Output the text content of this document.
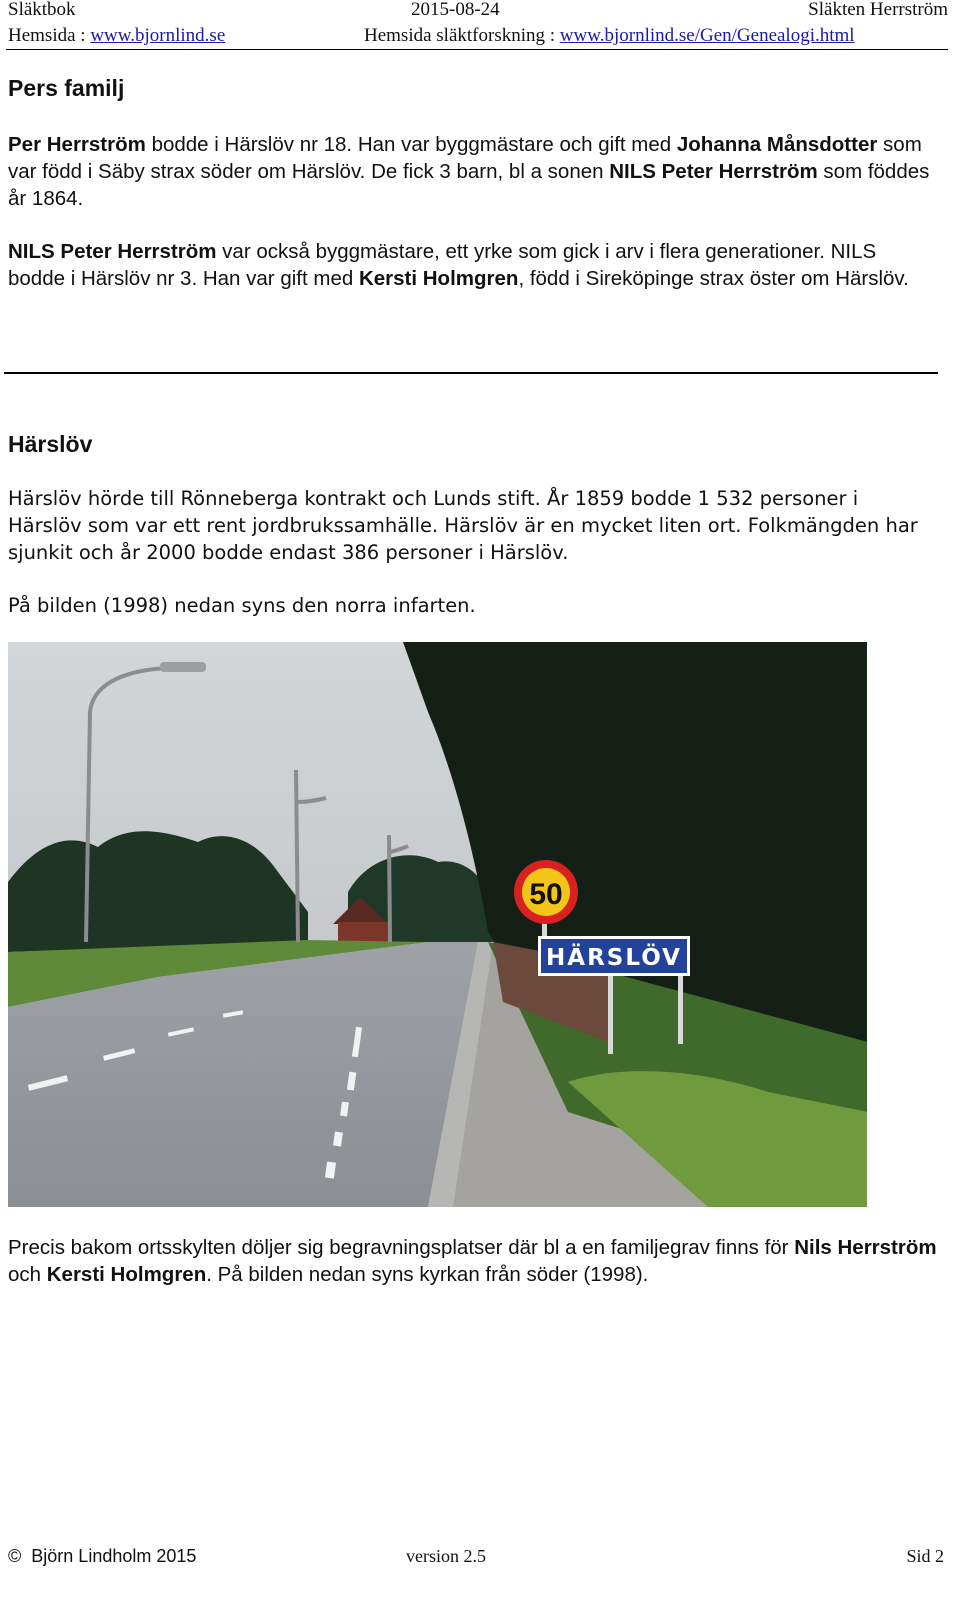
Släktbok	2015-08-24	Släkten Herrström
Hemsida : www.bjornlind.se	Hemsida släktforskning : www.bjornlind.se/Gen/Genealogi.html
Pers familj

Per Herrström bodde i Härslöv nr 18. Han var byggmästare och gift med Johanna Månsdotter som var född i Säby strax söder om Härslöv. De fick 3 barn, bl a sonen NILS Peter Herrström som föddes år 1864.

NILS Peter Herrström var också byggmästare, ett yrke som gick i arv i flera generationer. NILS bodde i Härslöv nr 3. Han var gift med Kersti Holmgren, född i Sireköpinge strax öster om Härslöv.

Härslöv

Härslöv hörde till Rönneberga kontrakt och Lunds stift. År 1859 bodde 1 532 personer i Härslöv som var ett rent jordbrukssamhälle. Härslöv är en mycket liten ort. Folkmängden har sjunkit och år 2000 bodde endast 386 personer i Härslöv.

På bilden (1998) nedan syns den norra infarten.

50
HÄRSLÖV

Precis bakom ortsskylten döljer sig begravningsplatser där bl a en familjegrav finns för Nils Herrström och Kersti Holmgren. På bilden nedan syns kyrkan från söder (1998).

© Björn Lindholm 2015	version 2.5	Sid 2
